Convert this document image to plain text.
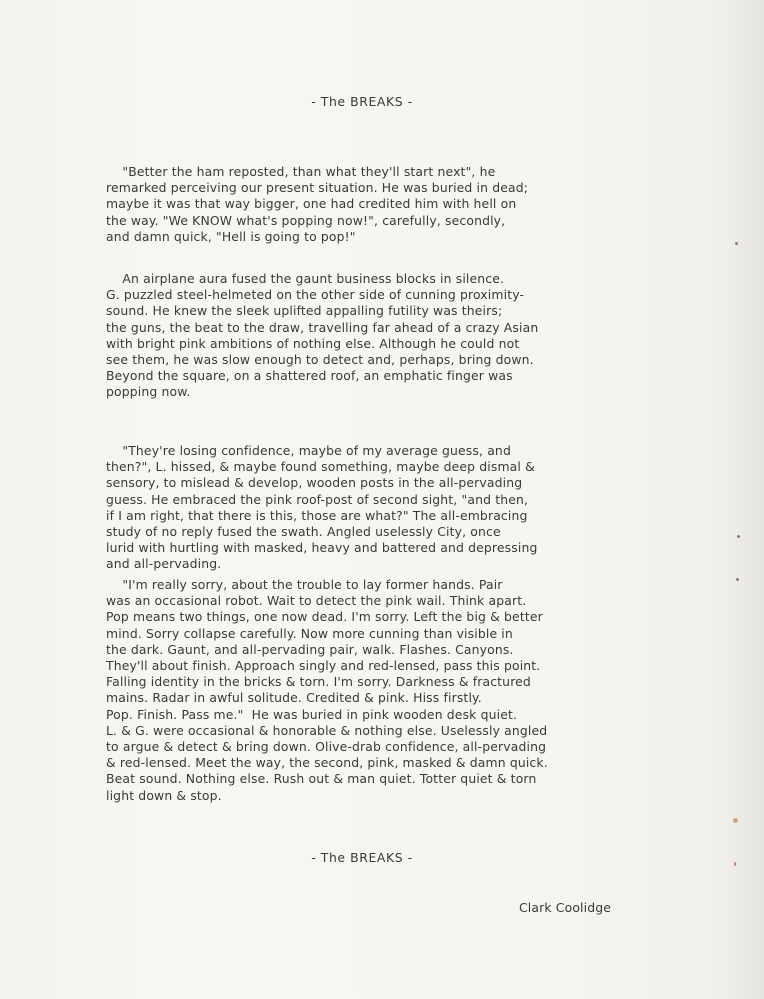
- The BREAKS -
"Better the ham reposted, than what they'll start next", he
remarked perceiving our present situation. He was buried in dead;
maybe it was that way bigger, one had credited him with hell on
the way. "We KNOW what's popping now!", carefully, secondly,
and damn quick, "Hell is going to pop!"
An airplane aura fused the gaunt business blocks in silence.
G. puzzled steel-helmeted on the other side of cunning proximity-
sound. He knew the sleek uplifted appalling futility was theirs;
the guns, the beat to the draw, travelling far ahead of a crazy Asian
with bright pink ambitions of nothing else. Although he could not
see them, he was slow enough to detect and, perhaps, bring down.
Beyond the square, on a shattered roof, an emphatic finger was
popping now.
"They're losing confidence, maybe of my average guess, and
then?", L. hissed, & maybe found something, maybe deep dismal &
sensory, to mislead & develop, wooden posts in the all-pervading
guess. He embraced the pink roof-post of second sight, "and then,
if I am right, that there is this, those are what?" The all-embracing
study of no reply fused the swath. Angled uselessly City, once
lurid with hurtling with masked, heavy and battered and depressing
and all-pervading.
"I'm really sorry, about the trouble to lay former hands. Pair
was an occasional robot. Wait to detect the pink wail. Think apart.
Pop means two things, one now dead. I'm sorry. Left the big & better
mind. Sorry collapse carefully. Now more cunning than visible in
the dark. Gaunt, and all-pervading pair, walk. Flashes. Canyons.
They'll about finish. Approach singly and red-lensed, pass this point.
Falling identity in the bricks & torn. I'm sorry. Darkness & fractured
mains. Radar in awful solitude. Credited & pink. Hiss firstly.
Pop. Finish. Pass me."  He was buried in pink wooden desk quiet.
L. & G. were occasional & honorable & nothing else. Uselessly angled
to argue & detect & bring down. Olive-drab confidence, all-pervading
& red-lensed. Meet the way, the second, pink, masked & damn quick.
Beat sound. Nothing else. Rush out & man quiet. Totter quiet & torn
light down & stop.
- The BREAKS -
Clark Coolidge
